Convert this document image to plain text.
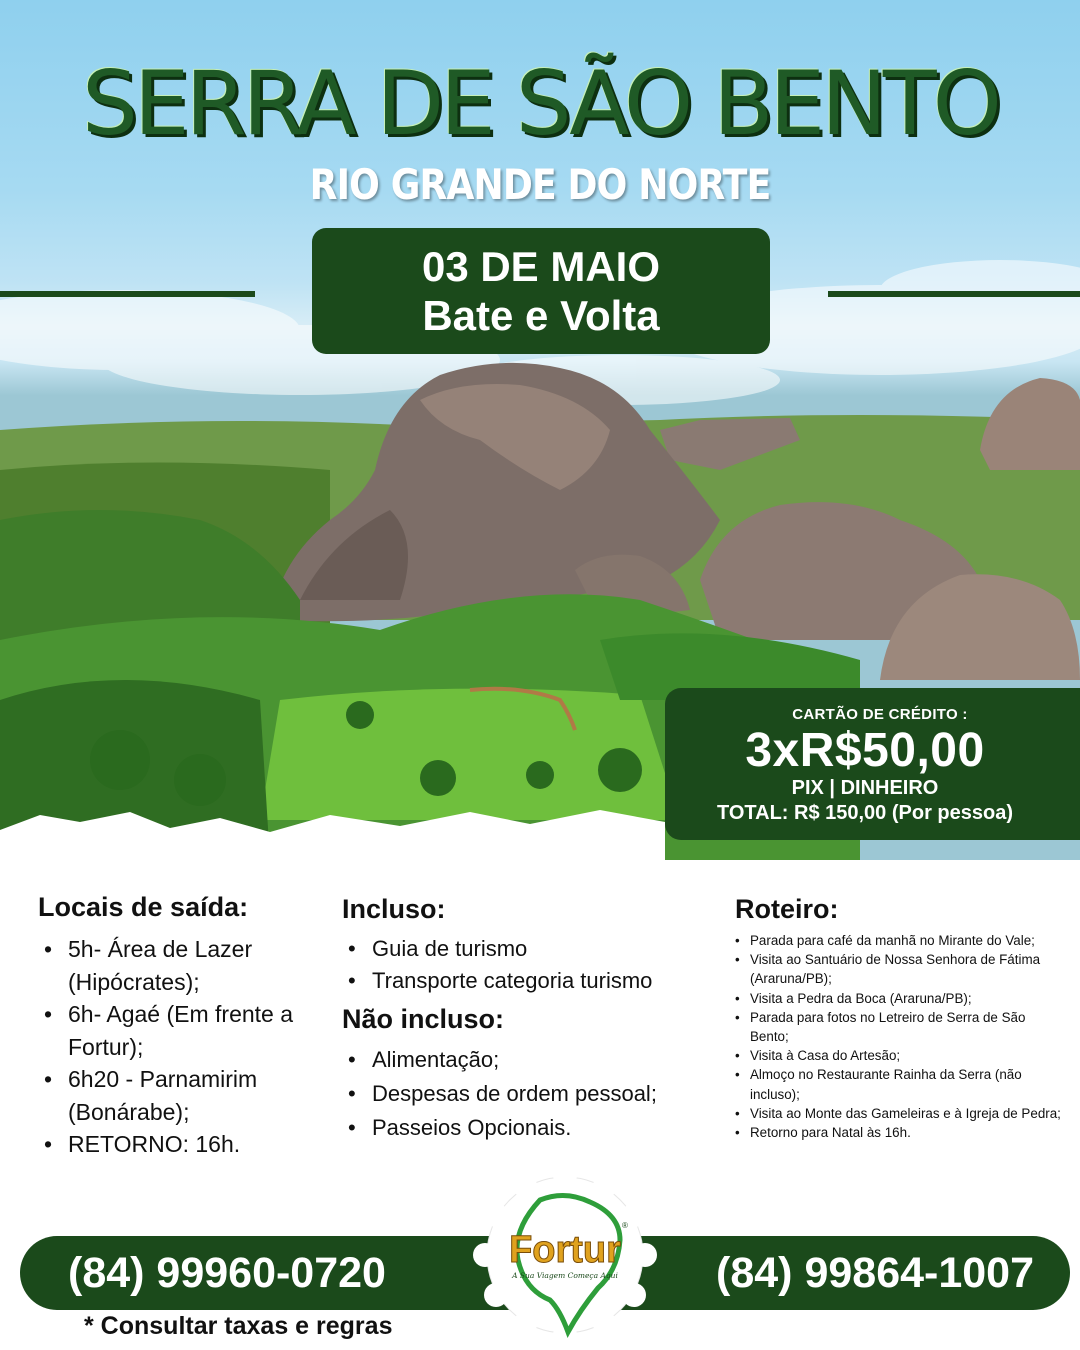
SERRA DE SÃO BENTO
RIO GRANDE DO NORTE
03 DE MAIO
Bate e Volta
CARTÃO DE CRÉDITO :
3xR$50,00
PIX | DINHEIRO
TOTAL: R$ 150,00 (Por pessoa)
Locais de saída:
• 5h- Área de Lazer (Hipócrates);
• 6h- Agaé (Em frente a Fortur);
• 6h20 - Parnamirim (Bonárabe);
• RETORNO: 16h.
Incluso:
• Guia de turismo
• Transporte categoria turismo
Não incluso:
• Alimentação;
• Despesas de ordem pessoal;
• Passeios Opcionais.
Roteiro:
• Parada para café da manhã no Mirante do Vale;
• Visita ao Santuário de Nossa Senhora de Fátima (Araruna/PB);
• Visita a Pedra da Boca (Araruna/PB);
• Parada para fotos no Letreiro de Serra de São Bento;
• Visita à Casa do Artesão;
• Almoço no Restaurante Rainha da Serra (não incluso);
• Visita ao Monte das Gameleiras e à Igreja de Pedra;
• Retorno para Natal às 16h.
(84) 99960-0720	(84) 99864-1007
* Consultar taxas e regras
Fortur
A Sua Viagem Começa Aqui
®
